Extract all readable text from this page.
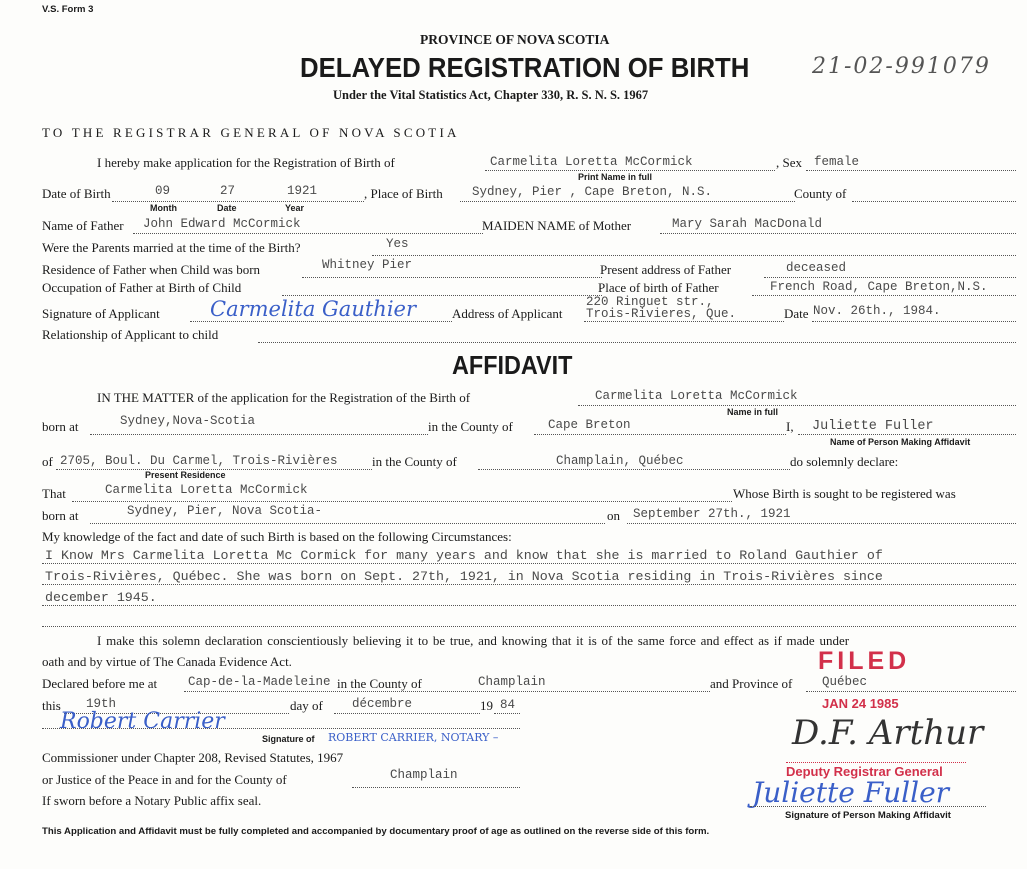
V.S. Form 3
PROVINCE OF NOVA SCOTIA
DELAYED REGISTRATION OF BIRTH	21-02-991079
Under the Vital Statistics Act, Chapter 330, R. S. N. S. 1967
TO THE REGISTRAR GENERAL OF NOVA SCOTIA
I hereby make application for the Registration of Birth of	Carmelita Loretta McCormick	, Sex female
Print Name in full
Date of Birth	09	27	1921	, Place of Birth Sydney, Pier , Cape Breton, N.S.	County of
Month	Date	Year
Name of Father John Edward McCormick	MAIDEN NAME of Mother	Mary Sarah MacDonald
Were the Parents married at the time of the Birth?	Yes
Residence of Father when Child was born	Whitney Pier	Present address of Father	deceased
Occupation of Father at Birth of Child	Place of birth of Father	French Road, Cape Breton,N.S.
Signature of Applicant Carmelita Gauthier	Address of Applicant
220 Ringuet str.,
Trois-Rivieres, Que.	Date Nov. 26th., 1984.
Relationship of Applicant to child
AFFIDAVIT
IN THE MATTER of the application for the Registration of the Birth of	Carmelita Loretta McCormick
Name in full
born at	Sydney,Nova-Scotia	in the County of	Cape Breton	I, Juliette Fuller
Name of Person Making Affidavit
of 2705, Boul. Du Carmel, Trois-Rivières	in the County of	Champlain, Québec	do solemnly declare:
Present Residence
That	Carmelita Loretta McCormick	Whose Birth is sought to be registered was
born at	Sydney, Pier, Nova Scotia-	on September 27th., 1921
My knowledge of the fact and date of such Birth is based on the following Circumstances:
I Know Mrs Carmelita Loretta Mc Cormick for many years and know that she is married to Roland Gauthier of
Trois-Rivières, Québec. She was born on Sept. 27th, 1921, in Nova Scotia residing in Trois-Rivières since
december 1945.
I make this solemn declaration conscientiously believing it to be true, and knowing that it is of the same force and effect as if made under
oath and by virtue of The Canada Evidence Act.	FILED
Declared before me at Cap-de-la-Madeleine in the County of	Champlain	and Province of Québec
this 19th	day of décembre	19 84	JAN 24 1985
Robert Carrier
Signature of ROBERT CARRIER, NOTARY –	D.F. Arthur
Commissioner under Chapter 208, Revised Statutes, 1967
Deputy Registrar General
or Justice of the Peace in and for the County of	Champlain
If sworn before a Notary Public affix seal.	Juliette Fuller
Signature of Person Making Affidavit
This Application and Affidavit must be fully completed and accompanied by documentary proof of age as outlined on the reverse side of this form.
